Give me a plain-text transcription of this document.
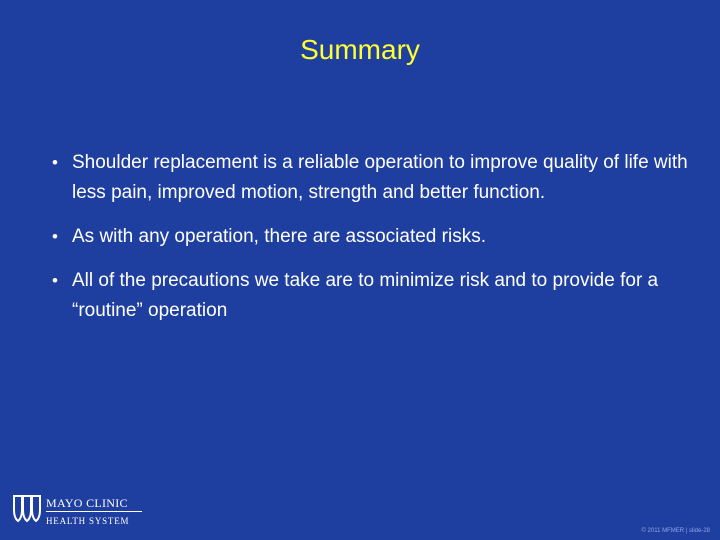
Summary
• Shoulder replacement is a reliable operation to improve quality of life with less pain, improved motion, strength and better function.
• As with any operation, there are associated risks.
• All of the precautions we take are to minimize risk and to provide for a “routine” operation
MAYO CLINIC
HEALTH SYSTEM
© 2011 MFMER | slide-28
